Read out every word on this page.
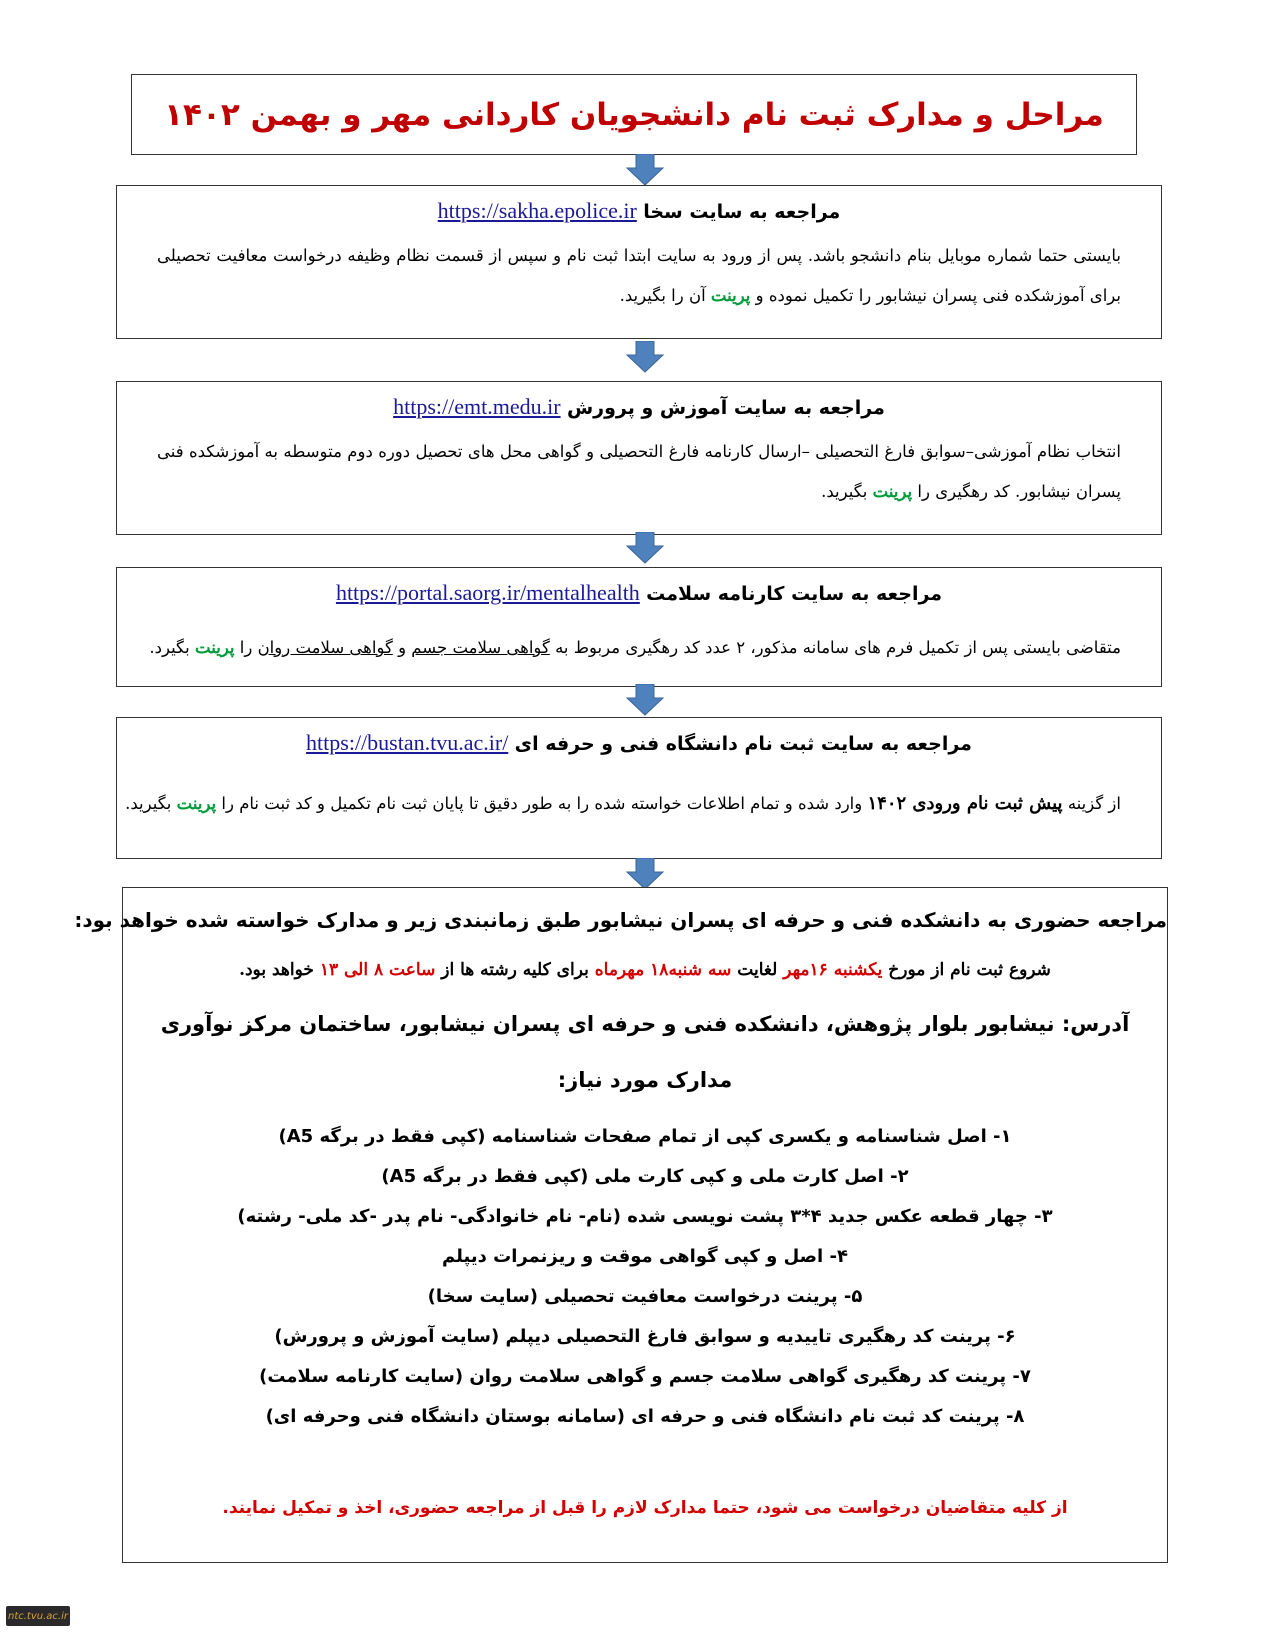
مراحل و مدارک ثبت نام دانشجویان کاردانی مهر و بهمن ۱۴۰۲
مراجعه به سایت سخا https://sakha.epolice.ir
بایستی حتما شماره موبایل بنام دانشجو باشد. پس از ورود به سایت ابتدا ثبت نام و سپس از قسمت نظام وظیفه درخواست معافیت تحصیلی برای آموزشکده فنی پسران نیشابور را تکمیل نموده و پرینت آن را بگیرید.
مراجعه به سایت آموزش و پرورش https://emt.medu.ir
انتخاب نظام آموزشی–سوابق فارغ التحصیلی –ارسال کارنامه فارغ التحصیلی و گواهی محل های تحصیل دوره دوم متوسطه به آموزشکده فنی پسران نیشابور. کد رهگیری را پرینت بگیرید.
مراجعه به سایت کارنامه سلامت https://portal.saorg.ir/mentalhealth
متقاضی بایستی پس از تکمیل فرم های سامانه مذکور، ۲ عدد کد رهگیری مربوط به گواهی سلامت جسم و گواهی سلامت روان را پرینت بگیرد.
مراجعه به سایت ثبت نام دانشگاه فنی و حرفه ای https://bustan.tvu.ac.ir/
از گزینه پیش ثبت نام ورودی ۱۴۰۲ وارد شده و تمام اطلاعات خواسته شده را به طور دقیق تا پایان ثبت نام تکمیل و کد ثبت نام را پرینت بگیرید.
مراجعه حضوری به دانشکده فنی و حرفه ای پسران نیشابور طبق زمانبندی زیر و مدارک خواسته شده خواهد بود:
شروع ثبت نام از مورخ یکشنبه ۱۶مهر لغایت سه شنبه۱۸ مهرماه برای کلیه رشته ها از ساعت ۸ الی ۱۳ خواهد بود.
آدرس: نیشابور بلوار پژوهش، دانشکده فنی و حرفه ای پسران نیشابور، ساختمان مرکز نوآوری
مدارک مورد نیاز:
۱- اصل شناسنامه و یکسری کپی از تمام صفحات شناسنامه (کپی فقط در برگه A5)
۲- اصل کارت ملی و کپی کارت ملی (کپی فقط در برگه A5)
۳- چهار قطعه عکس جدید ۴*۳ پشت نویسی شده (نام- نام خانوادگی- نام پدر -کد ملی- رشته)
۴- اصل و کپی گواهی موقت و ریزنمرات دیپلم
۵- پرینت درخواست معافیت تحصیلی (سایت سخا)
۶- پرینت کد رهگیری تاییدیه و سوابق فارغ التحصیلی دیپلم (سایت آموزش و پرورش)
۷- پرینت کد رهگیری گواهی سلامت جسم و گواهی سلامت روان (سایت کارنامه سلامت)
۸- پرینت کد ثبت نام دانشگاه فنی و حرفه ای (سامانه بوستان دانشگاه فنی وحرفه ای)
از کلیه متقاضیان درخواست می شود، حتما مدارک لازم را قبل از مراجعه حضوری، اخذ و تمکیل نمایند.
ntc.tvu.ac.ir
